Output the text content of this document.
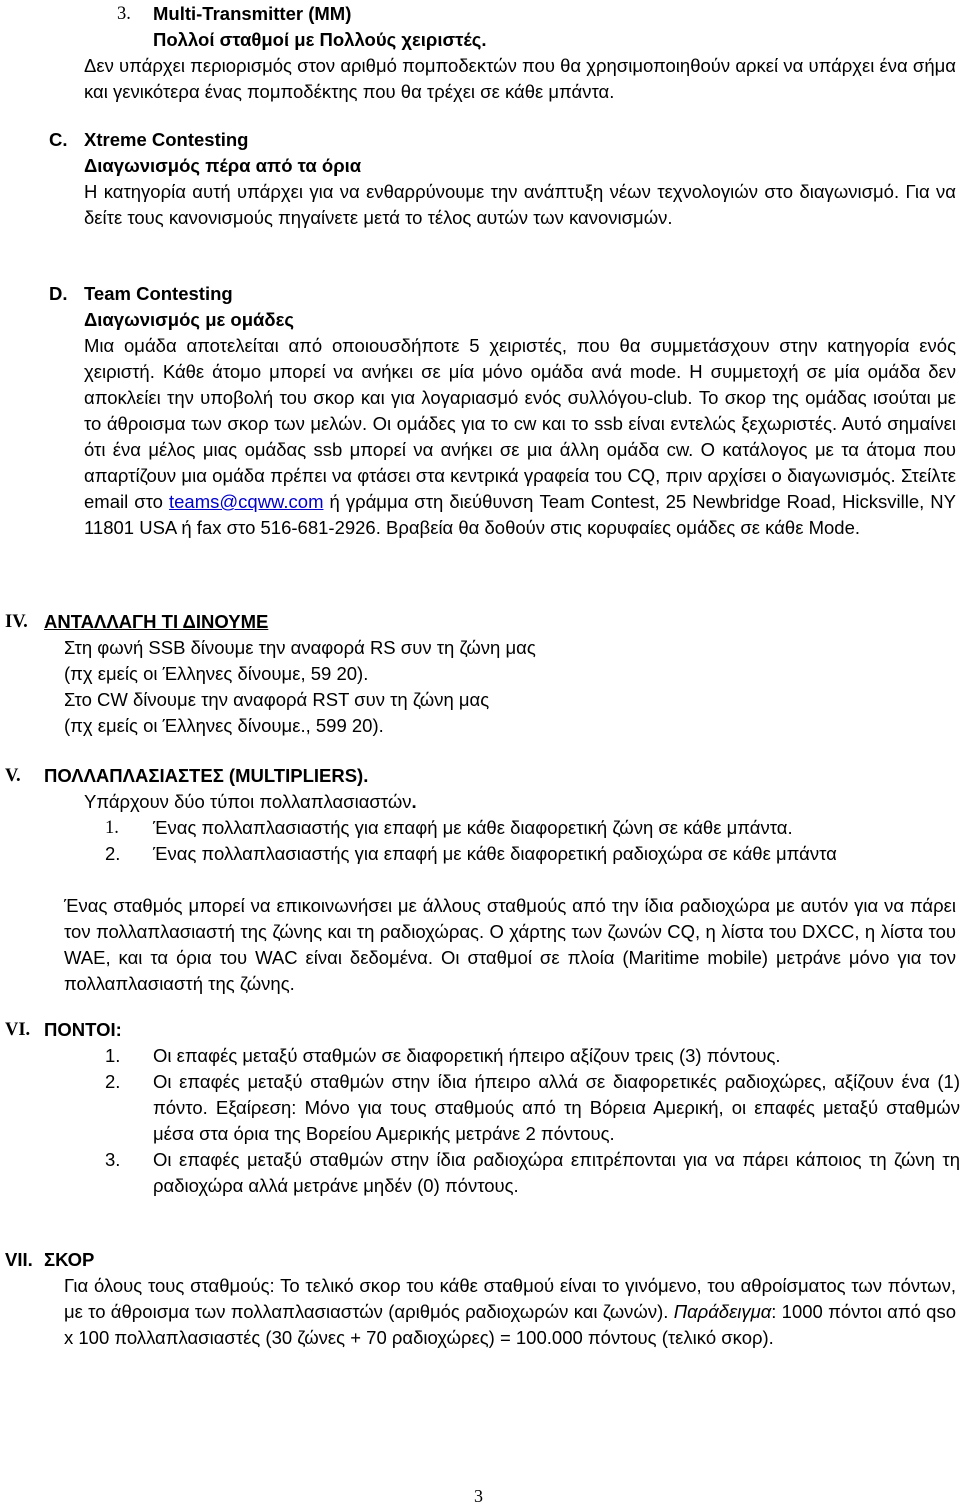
3. Multi-Transmitter (MM)
Πολλοί σταθμοί με Πολλούς χειριστές.

Δεν υπάρχει περιορισμός στον αριθμό πομποδεκτών που θα χρησιμοποιηθούν αρκεί να υπάρχει ένα σήμα και γενικότερα ένας πομποδέκτης που θα τρέχει σε κάθε μπάντα.

C. Xtreme Contesting
Διαγωνισμός πέρα από τα όρια

Η κατηγορία αυτή υπάρχει για να ενθαρρύνουμε την ανάπτυξη νέων τεχνολογιών στο διαγωνισμό. Για να δείτε τους κανονισμούς πηγαίνετε μετά το τέλος αυτών των κανονισμών.

D. Team Contesting
Διαγωνισμός με ομάδες

Μια ομάδα αποτελείται από οποιουσδήποτε 5 χειριστές, που θα συμμετάσχουν στην κατηγορία ενός χειριστή. Κάθε άτομο μπορεί να ανήκει σε μία μόνο ομάδα ανά mode. Η συμμετοχή σε μία ομάδα δεν αποκλείει την υποβολή του σκορ και για λογαριασμό ενός συλλόγου-club. Το σκορ της ομάδας ισούται με το άθροισμα των σκορ των μελών. Οι ομάδες για το cw και το ssb είναι εντελώς ξεχωριστές. Αυτό σημαίνει ότι ένα μέλος μιας ομάδας ssb μπορεί να ανήκει σε μια άλλη ομάδα cw. Ο κατάλογος με τα άτομα που απαρτίζουν μια ομάδα πρέπει να φτάσει στα κεντρικά γραφεία του CQ, πριν αρχίσει ο διαγωνισμός. Στείλτε email στο teams@cqww.com ή γράμμα στη διεύθυνση Team Contest, 25 Newbridge Road, Hicksville, NY 11801 USA ή fax στο 516-681-2926. Βραβεία θα δοθούν στις κορυφαίες ομάδες σε κάθε Mode.

IV. ΑΝΤΑΛΛΑΓΗ ΤΙ ΔΙΝΟΥΜΕ

Στη φωνή SSB δίνουμε την αναφορά RS συν τη ζώνη μας

(πχ εμείς οι Έλληνες δίνουμε, 59 20).

Στο CW δίνουμε την αναφορά RST συν τη ζώνη μας

(πχ εμείς οι Έλληνες δίνουμε., 599 20).

V. ΠΟΛΛΑΠΛΑΣΙΑΣΤΕΣ (MULTIPLIERS).
Υπάρχουν δύο τύποι πολλαπλασιαστών.
1.	Ένας πολλαπλασιαστής για επαφή με κάθε διαφορετική ζώνη σε κάθε μπάντα.
2.	Ένας πολλαπλασιαστής για επαφή με κάθε διαφορετική ραδιοχώρα σε κάθε μπάντα

Ένας σταθμός μπορεί να επικοινωνήσει με άλλους σταθμούς από την ίδια ραδιοχώρα με αυτόν για να πάρει τον πολλαπλασιαστή της ζώνης και τη ραδιοχώρας. Ο χάρτης των ζωνών CQ, η λίστα του DXCC, η λίστα του WAE, και τα όρια του WAC είναι δεδομένα. Οι σταθμοί σε πλοία (Maritime mobile) μετράνε μόνο για τον πολλαπλασιαστή της ζώνης.

VI. ΠΟΝΤΟΙ:
1.	Οι επαφές μεταξύ σταθμών σε διαφορετική ήπειρο αξίζουν τρεις (3) πόντους.
2.	Οι επαφές μεταξύ σταθμών στην ίδια ήπειρο αλλά σε διαφορετικές ραδιοχώρες, αξίζουν ένα (1) πόντο. Εξαίρεση: Μόνο για τους σταθμούς από τη Βόρεια Αμερική, οι επαφές μεταξύ σταθμών μέσα στα όρια της Βορείου Αμερικής μετράνε 2 πόντους.
3.	Οι επαφές μεταξύ σταθμών στην ίδια ραδιοχώρα επιτρέπονται για να πάρει κάποιος τη ζώνη τη ραδιοχώρα αλλά μετράνε μηδέν (0) πόντους.
VII. ΣΚΟΡ

Για όλους τους σταθμούς: Το τελικό σκορ του κάθε σταθμού είναι το γινόμενο, του αθροίσματος των πόντων, με το άθροισμα των πολλαπλασιαστών (αριθμός ραδιοχωρών και ζωνών). Παράδειγμα: 1000 πόντοι από qso x 100 πολλαπλασιαστές (30 ζώνες + 70 ραδιοχώρες) = 100.000 πόντους (τελικό σκορ).

3
